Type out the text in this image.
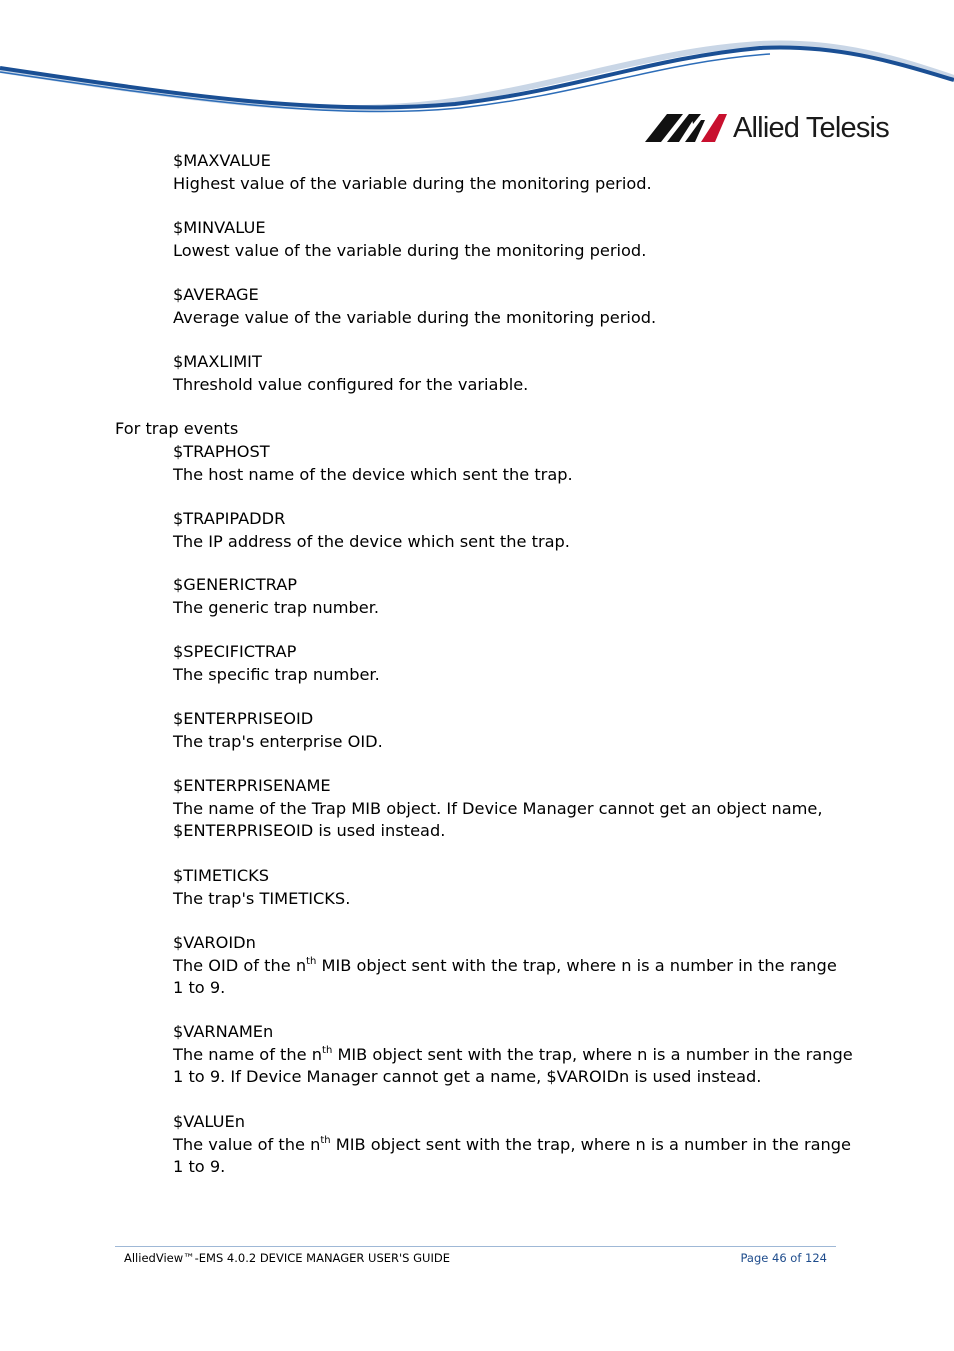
Allied Telesis
$MAXVALUE
Highest value of the variable during the monitoring period.
$MINVALUE
Lowest value of the variable during the monitoring period.
$AVERAGE
Average value of the variable during the monitoring period.
$MAXLIMIT
Threshold value configured for the variable.
For trap events
$TRAPHOST
The host name of the device which sent the trap.
$TRAPIPADDR
The IP address of the device which sent the trap.
$GENERICTRAP
The generic trap number.
$SPECIFICTRAP
The specific trap number.
$ENTERPRISEOID
The trap's enterprise OID.
$ENTERPRISENAME
The name of the Trap MIB object. If Device Manager cannot get an object name,
$ENTERPRISEOID is used instead.
$TIMETICKS
The trap's TIMETICKS.
$VAROIDn
The OID of the $n^{th}$ MIB object sent with the trap, where n is a number in the range
1 to 9.
$VARNAMEn
The name of the $n^{th}$ MIB object sent with the trap, where n is a number in the range
1 to 9. If Device Manager cannot get a name, $VAROIDn is used instead.
$VALUEn
The value of the $n^{th}$ MIB object sent with the trap, where n is a number in the range
1 to 9.
AlliedView™-EMS 4.0.2 DEVICE MANAGER USER'S GUIDE	Page 46 of 124
